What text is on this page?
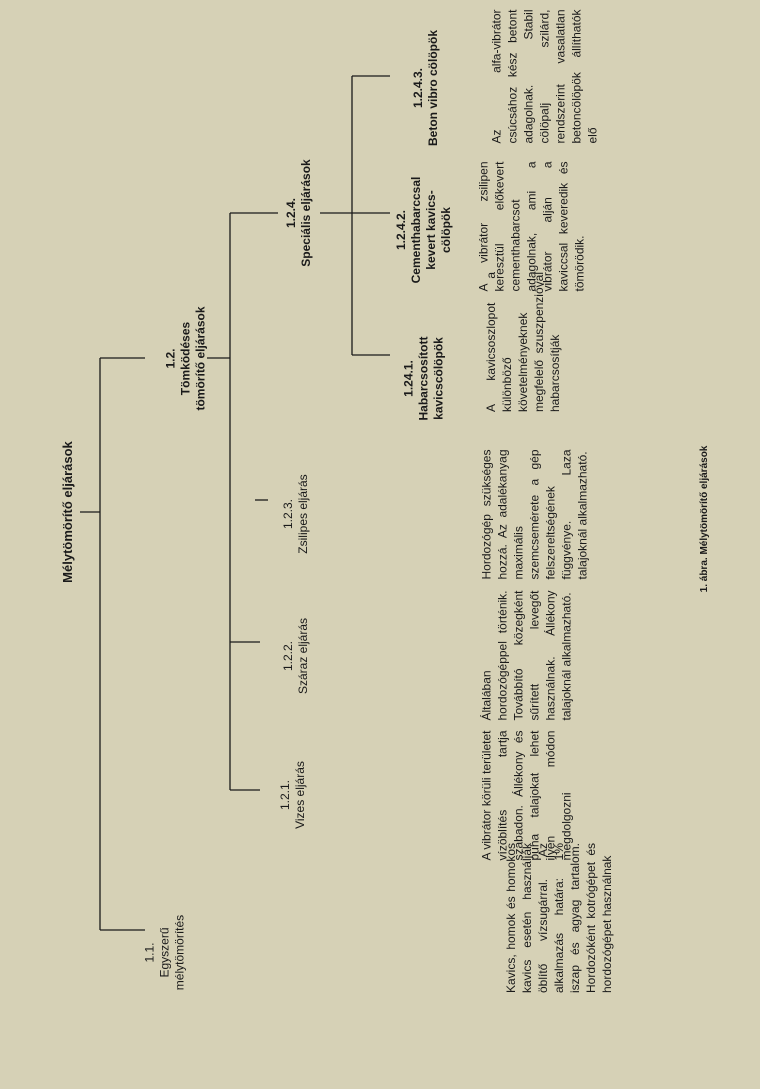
Mélytömörítő eljárások
1.1. Egyszerű mélytömörítés
1.2. Tömködéses tömörítő eljárások
1.2.1. Vizes eljárás
1.2.2. Száraz eljárás
1.2.3. Zsilipes eljárás
1.2.4. Speciális eljárások
1.24.1. Habarcsosított kavicscölöpök
1.2.4.2. Cementhabarccsal kevert kavics- cölöpök
1.2.4.3. Beton vibro cölöpök
Kavics, homok és homokos kavics esetén használják öblítő vízsugárral. Az alkalmazás határa: 1% iszap és agyag tartalom. Hordozóként kotrógépet és hordozógépet használnak
A vibrátor körüli területet vízöblítés tartja szabadon. Állékony és puha talajokat lehet ilyen módon megdolgozni
Általában hordozógéppel történik. Továbbító közegként sűrített levegőt használnak. Állékony talajoknál alkalmazható.
Hordozógép szükséges hozzá. Az adalékanyag maximális szemcsemérete a gép felszereltségének függvénye. Laza talajoknál alkalmazható.
A kavicsoszlopot a különböző követelményeknek megfelelő szuszpenzióval habarcsosítják
A vibrátor zsilipen keresztül előkevert cementhabarcsot adagolnak, ami a vibrátor alján a kaviccsal keveredik és tömörödik.
Az alfa-vibrátor csúcsához kész betont adagolnak. Stabil cölöpalj szilárd, rendszerint vasalatlan betoncölöpök állíthatók elő
1. ábra. Mélytömörítő eljárások
